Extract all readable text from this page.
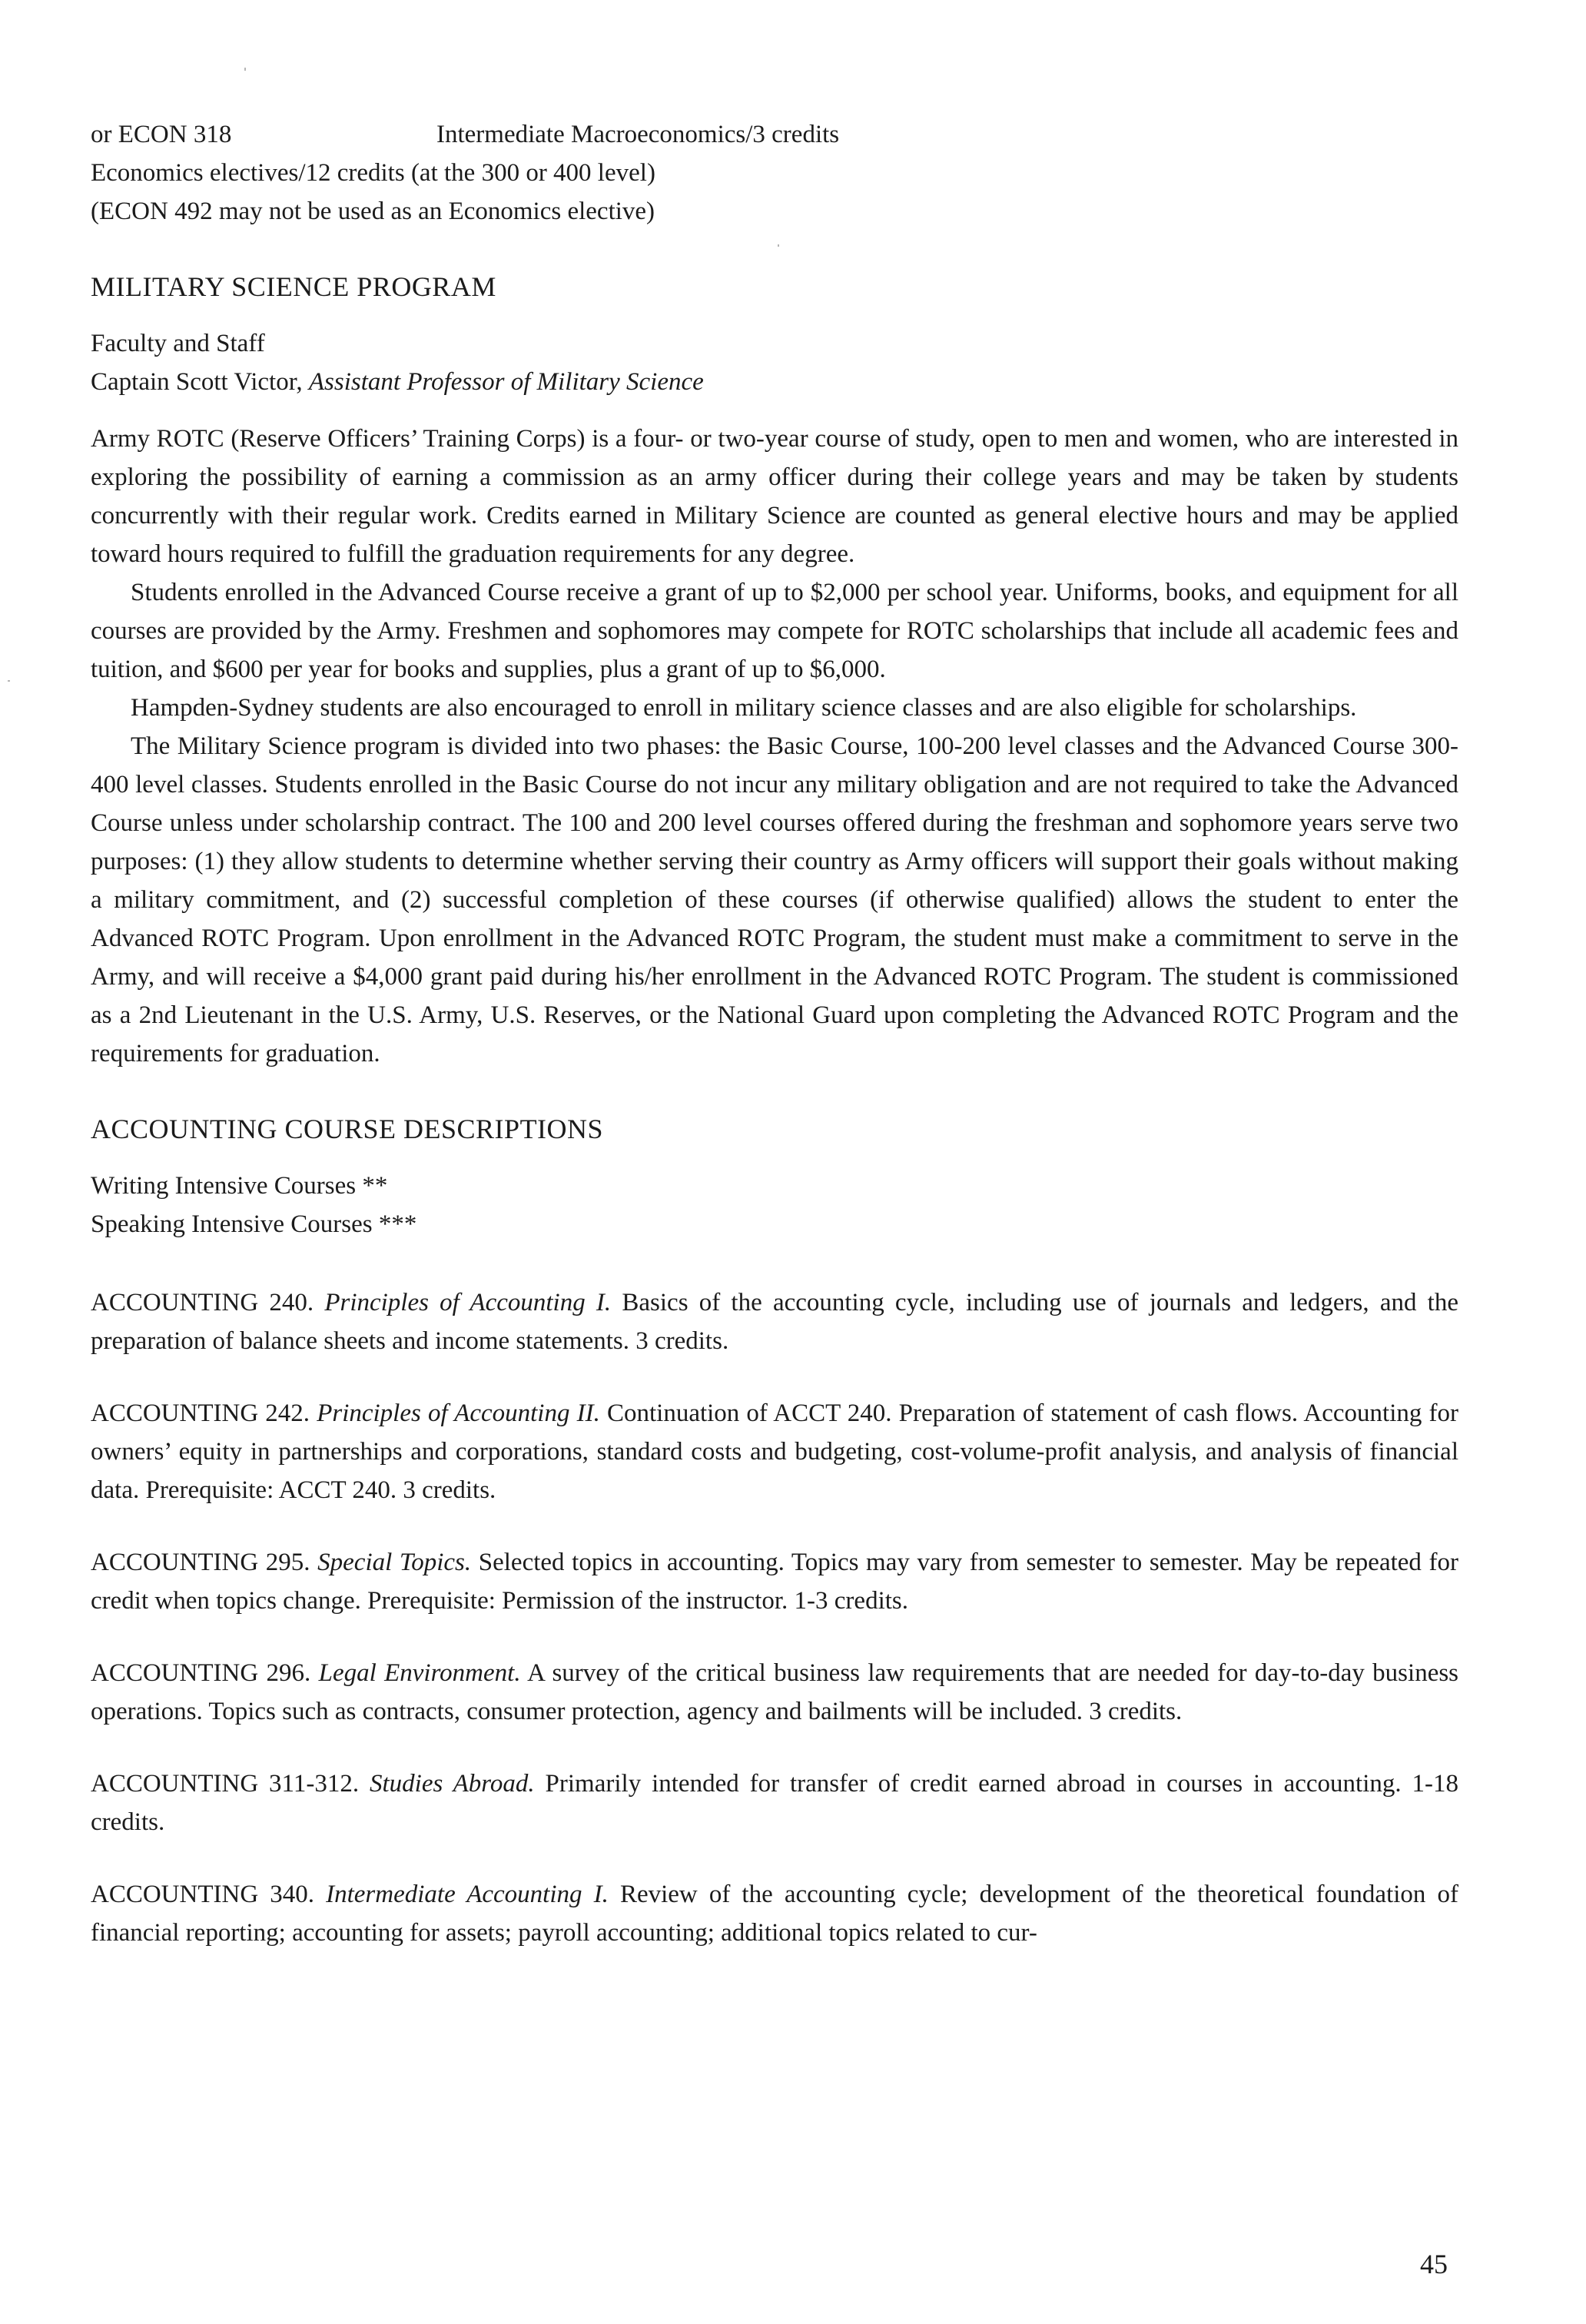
or ECON 318	Intermediate Macroeconomics/3 credits
Economics electives/12 credits (at the 300 or 400 level)
(ECON 492 may not be used as an Economics elective)
MILITARY SCIENCE PROGRAM
Faculty and Staff
Captain Scott Victor, Assistant Professor of Military Science

Army ROTC (Reserve Officers’ Training Corps) is a four- or two-year course of study, open to men and women, who are interested in exploring the possibility of earning a commission as an army officer during their college years and may be taken by students concurrently with their regular work. Credits earned in Military Science are counted as general elective hours and may be applied toward hours required to fulfill the graduation requirements for any degree.

Students enrolled in the Advanced Course receive a grant of up to $2,000 per school year. Uniforms, books, and equipment for all courses are provided by the Army. Freshmen and sophomores may compete for ROTC scholarships that include all academic fees and tuition, and $600 per year for books and supplies, plus a grant of up to $6,000.

Hampden-Sydney students are also encouraged to enroll in military science classes and are also eligible for scholarships.

The Military Science program is divided into two phases: the Basic Course, 100-200 level classes and the Advanced Course 300-400 level classes. Students enrolled in the Basic Course do not incur any military obligation and are not required to take the Advanced Course unless under scholarship contract. The 100 and 200 level courses offered during the freshman and sophomore years serve two purposes: (1) they allow students to determine whether serving their country as Army officers will support their goals without making a military commitment, and (2) successful completion of these courses (if otherwise qualified) allows the student to enter the Advanced ROTC Program. Upon enrollment in the Advanced ROTC Program, the student must make a commitment to serve in the Army, and will receive a $4,000 grant paid during his/her enrollment in the Advanced ROTC Program. The student is commissioned as a 2nd Lieutenant in the U.S. Army, U.S. Reserves, or the National Guard upon completing the Advanced ROTC Program and the requirements for graduation.

ACCOUNTING COURSE DESCRIPTIONS
Writing Intensive Courses **
Speaking Intensive Courses ***

ACCOUNTING 240. Principles of Accounting I. Basics of the accounting cycle, including use of journals and ledgers, and the preparation of balance sheets and income statements. 3 credits.

ACCOUNTING 242. Principles of Accounting II. Continuation of ACCT 240. Preparation of statement of cash flows. Accounting for owners’ equity in partnerships and corporations, standard costs and budgeting, cost-volume-profit analysis, and analysis of financial data. Prerequisite: ACCT 240. 3 credits.

ACCOUNTING 295. Special Topics. Selected topics in accounting. Topics may vary from semester to semester. May be repeated for credit when topics change. Prerequisite: Permission of the instructor. 1-3 credits.

ACCOUNTING 296. Legal Environment. A survey of the critical business law requirements that are needed for day-to-day business operations. Topics such as contracts, consumer protection, agency and bailments will be included. 3 credits.

ACCOUNTING 311-312. Studies Abroad. Primarily intended for transfer of credit earned abroad in courses in accounting. 1-18 credits.

ACCOUNTING 340. Intermediate Accounting I. Review of the accounting cycle; development of the theoretical foundation of financial reporting; accounting for assets; payroll accounting; additional topics related to cur-

45
